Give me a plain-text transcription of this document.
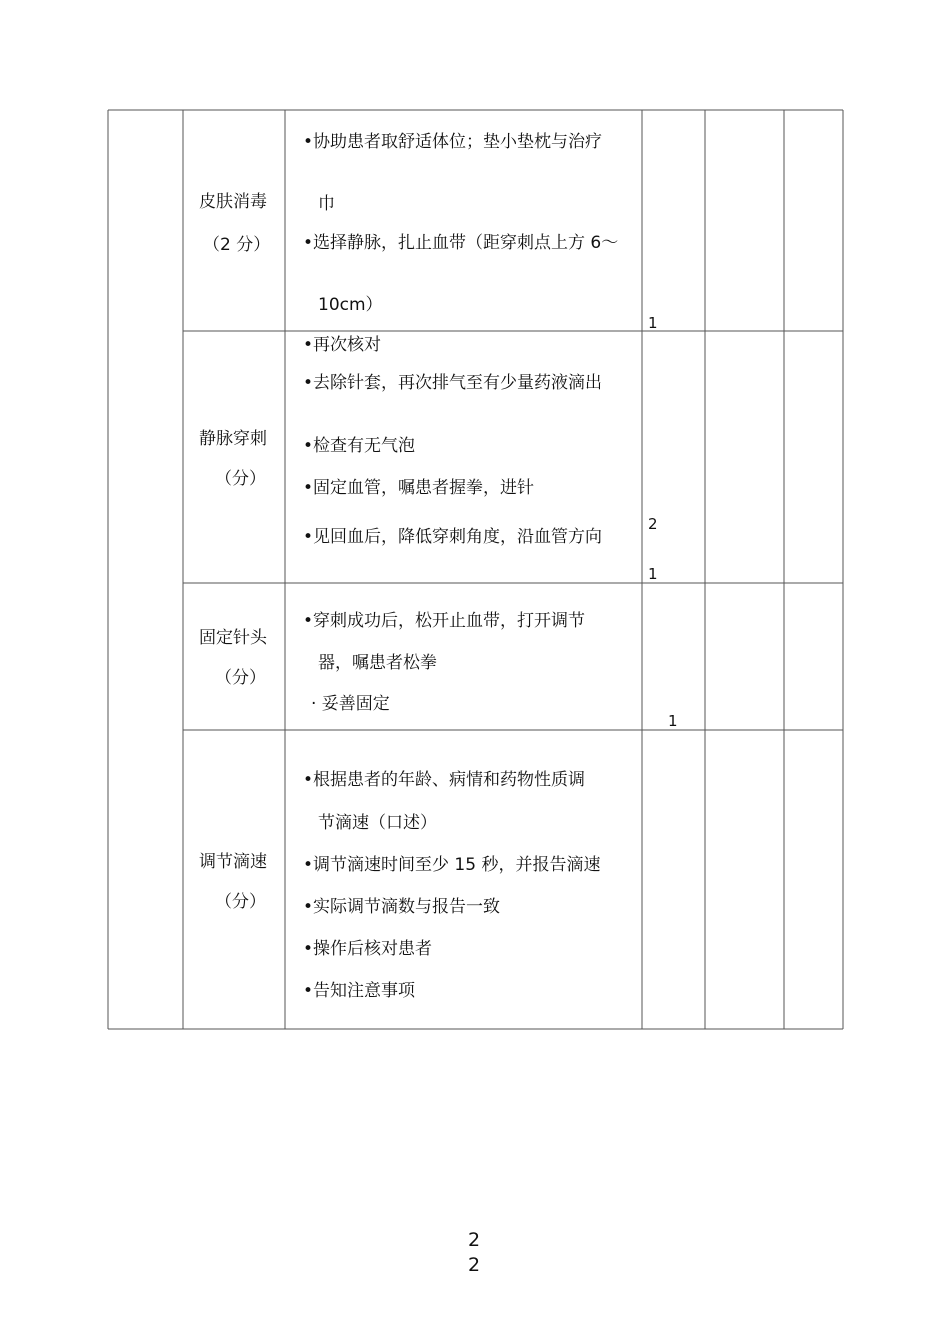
皮肤消毒
（2 分）
•协助患者取舒适体位；垫小垫枕与治疗
巾
•选择静脉，扎止血带（距穿刺点上方 6～
10cm）
1
静脉穿刺
（分）
•再次核对
•去除针套，再次排气至有少量药液滴出
•检查有无气泡
•固定血管，嘱患者握拳，进针
•见回血后，降低穿刺角度，沿血管方向
2
1
固定针头
（分）
•穿刺成功后，松开止血带，打开调节
器，嘱患者松拳
· 妥善固定
1
调节滴速
（分）
•根据患者的年龄、病情和药物性质调
节滴速（口述）
•调节滴速时间至少 15 秒，并报告滴速
•实际调节滴数与报告一致
•操作后核对患者
•告知注意事项
2
2
